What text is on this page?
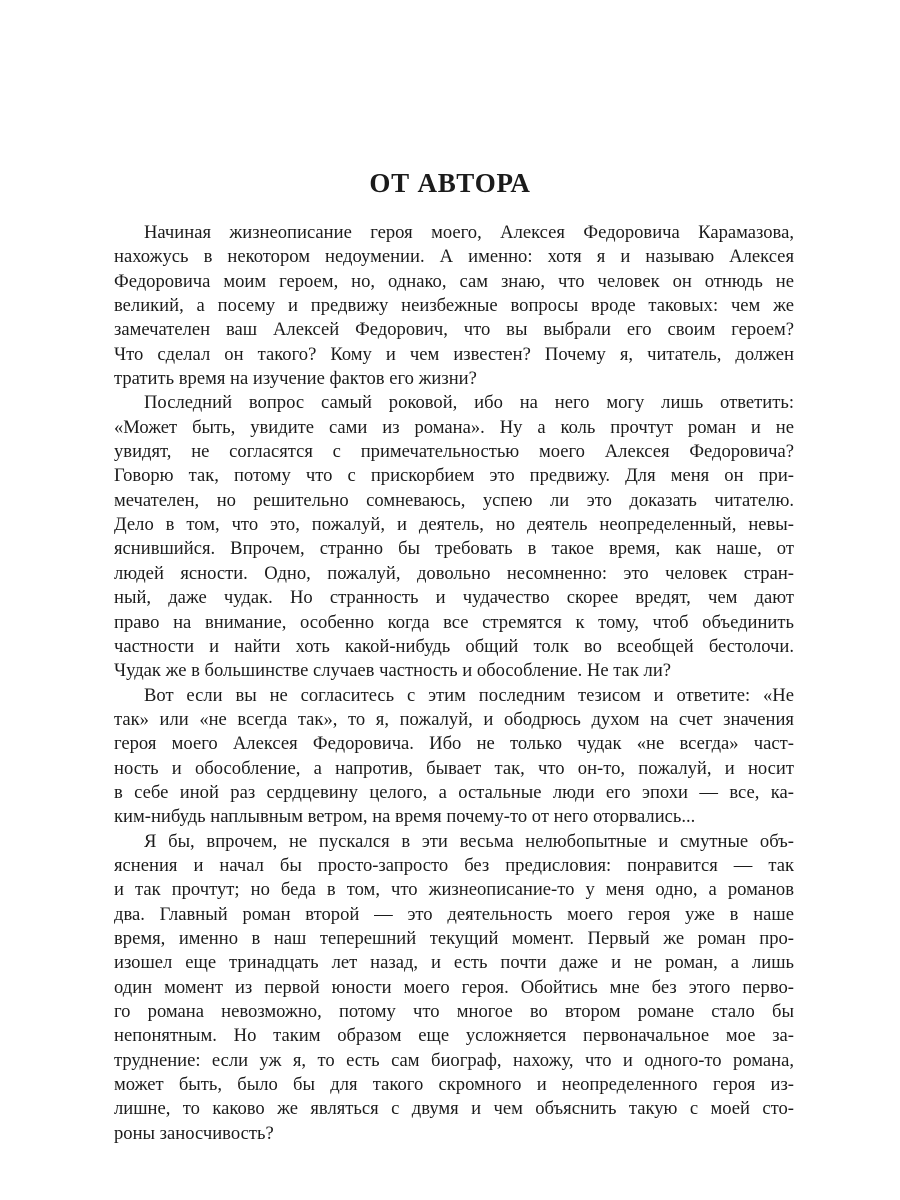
ОТ АВТОРА
Начиная жизнеописание героя моего, Алексея Федоровича Карамазова,
нахожусь в некотором недоумении. А именно: хотя я и называю Алексея
Федоровича моим героем, но, однако, сам знаю, что человек он отнюдь не
великий, а посему и предвижу неизбежные вопросы вроде таковых: чем же
замечателен ваш Алексей Федорович, что вы выбрали его своим героем?
Что сделал он такого? Кому и чем известен? Почему я, читатель, должен
тратить время на изучение фактов его жизни?
Последний вопрос самый роковой, ибо на него могу лишь ответить:
«Может быть, увидите сами из романа». Ну а коль прочтут роман и не
увидят, не согласятся с примечательностью моего Алексея Федоровича?
Говорю так, потому что с прискорбием это предвижу. Для меня он при-
мечателен, но решительно сомневаюсь, успею ли это доказать читателю.
Дело в том, что это, пожалуй, и деятель, но деятель неопределенный, невы-
яснившийся. Впрочем, странно бы требовать в такое время, как наше, от
людей ясности. Одно, пожалуй, довольно несомненно: это человек стран-
ный, даже чудак. Но странность и чудачество скорее вредят, чем дают
право на внимание, особенно когда все стремятся к тому, чтоб объединить
частности и найти хоть какой-нибудь общий толк во всеобщей бестолочи.
Чудак же в большинстве случаев частность и обособление. Не так ли?
Вот если вы не согласитесь с этим последним тезисом и ответите: «Не
так» или «не всегда так», то я, пожалуй, и ободрюсь духом на счет значения
героя моего Алексея Федоровича. Ибо не только чудак «не всегда» част-
ность и обособление, а напротив, бывает так, что он-то, пожалуй, и носит
в себе иной раз сердцевину целого, а остальные люди его эпохи — все, ка-
ким-нибудь наплывным ветром, на время почему-то от него оторвались...
Я бы, впрочем, не пускался в эти весьма нелюбопытные и смутные объ-
яснения и начал бы просто-запросто без предисловия: понравится — так
и так прочтут; но беда в том, что жизнеописание-то у меня одно, а романов
два. Главный роман второй — это деятельность моего героя уже в наше
время, именно в наш теперешний текущий момент. Первый же роман про-
изошел еще тринадцать лет назад, и есть почти даже и не роман, а лишь
один момент из первой юности моего героя. Обойтись мне без этого перво-
го романа невозможно, потому что многое во втором романе стало бы
непонятным. Но таким образом еще усложняется первоначальное мое за-
труднение: если уж я, то есть сам биограф, нахожу, что и одного-то романа,
может быть, было бы для такого скромного и неопределенного героя из-
лишне, то каково же являться с двумя и чем объяснить такую с моей сто-
роны заносчивость?
